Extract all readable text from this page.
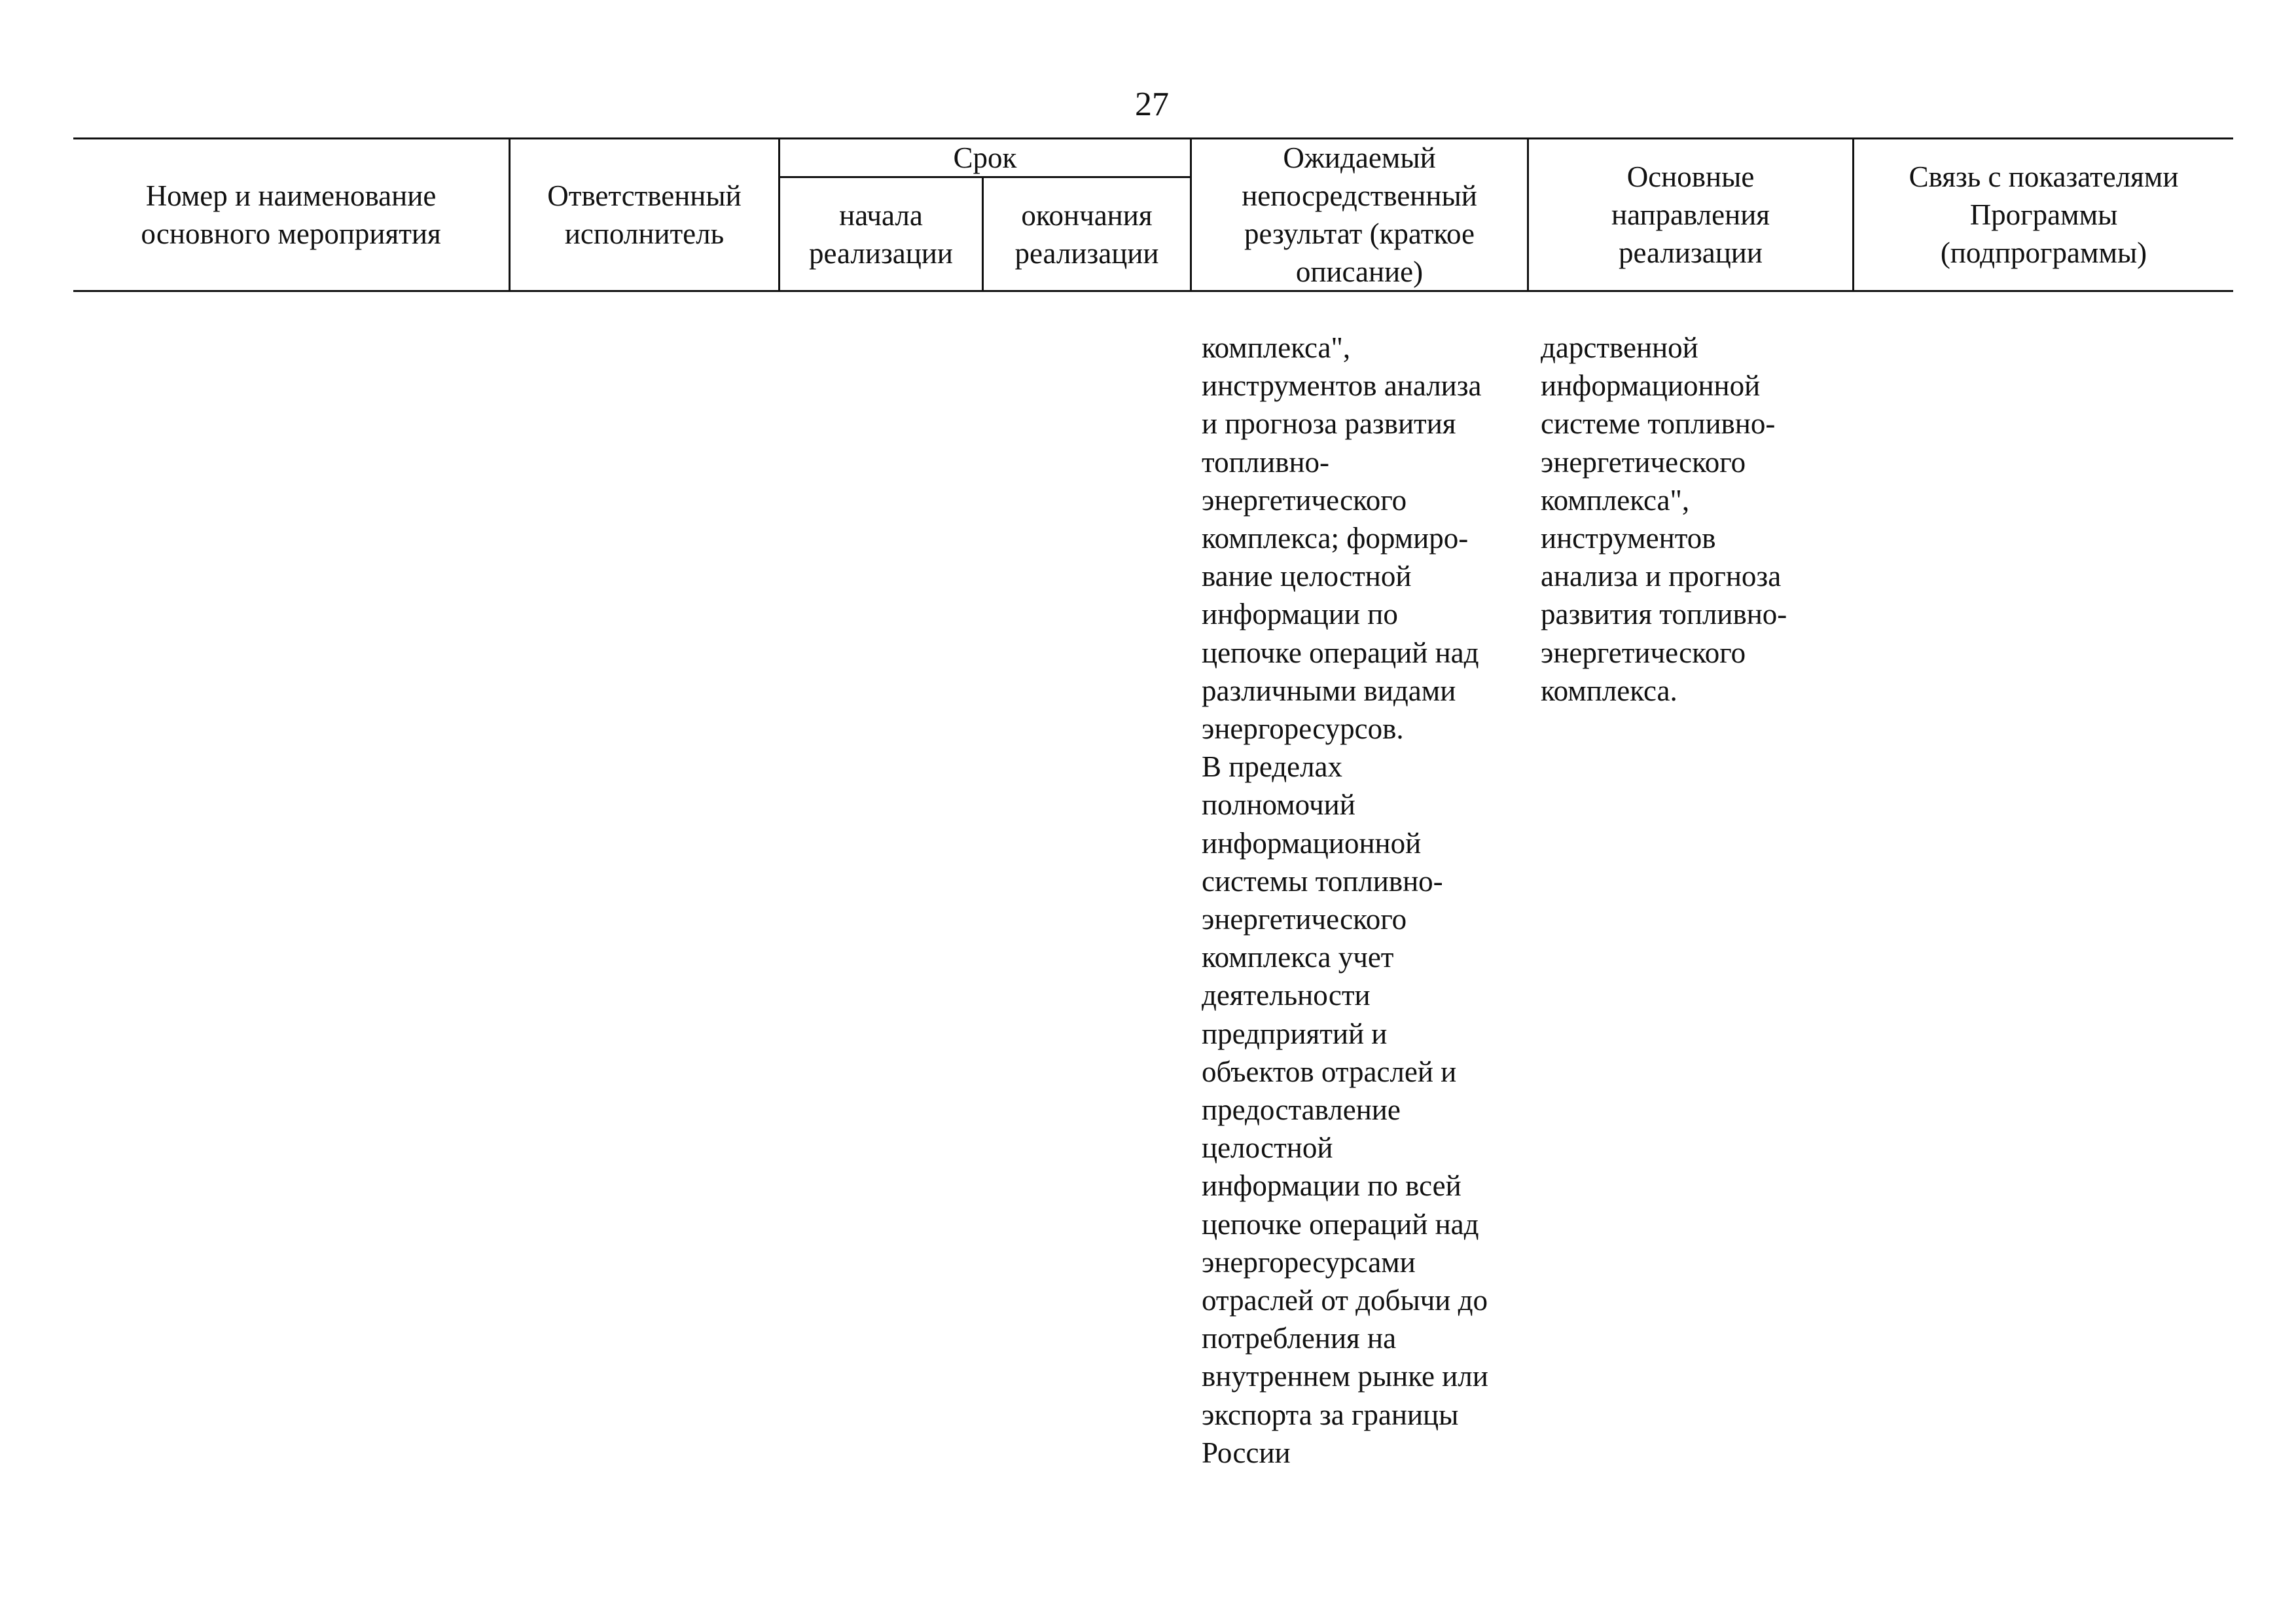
27
Номер и наименование
основного мероприятия
Ответственный
исполнитель
Срок
начала
реализации
окончания
реализации
Ожидаемый
непосредственный
результат (краткое
описание)
Основные
направления
реализации
Связь с показателями
Программы
(подпрограммы)
комплекса",
инструментов анализа
и прогноза развития
топливно-
энергетического
комплекса; формиро-
вание целостной
информации по
цепочке операций над
различными видами
энергоресурсов.
В пределах
полномочий
информационной
системы топливно-
энергетического
комплекса учет
деятельности
предприятий и
объектов отраслей и
предоставление
целостной
информации по всей
цепочке операций над
энергоресурсами
отраслей от добычи до
потребления на
внутреннем рынке или
экспорта за границы
России
дарственной
информационной
системе топливно-
энергетического
комплекса",
инструментов
анализа и прогноза
развития топливно-
энергетического
комплекса.
